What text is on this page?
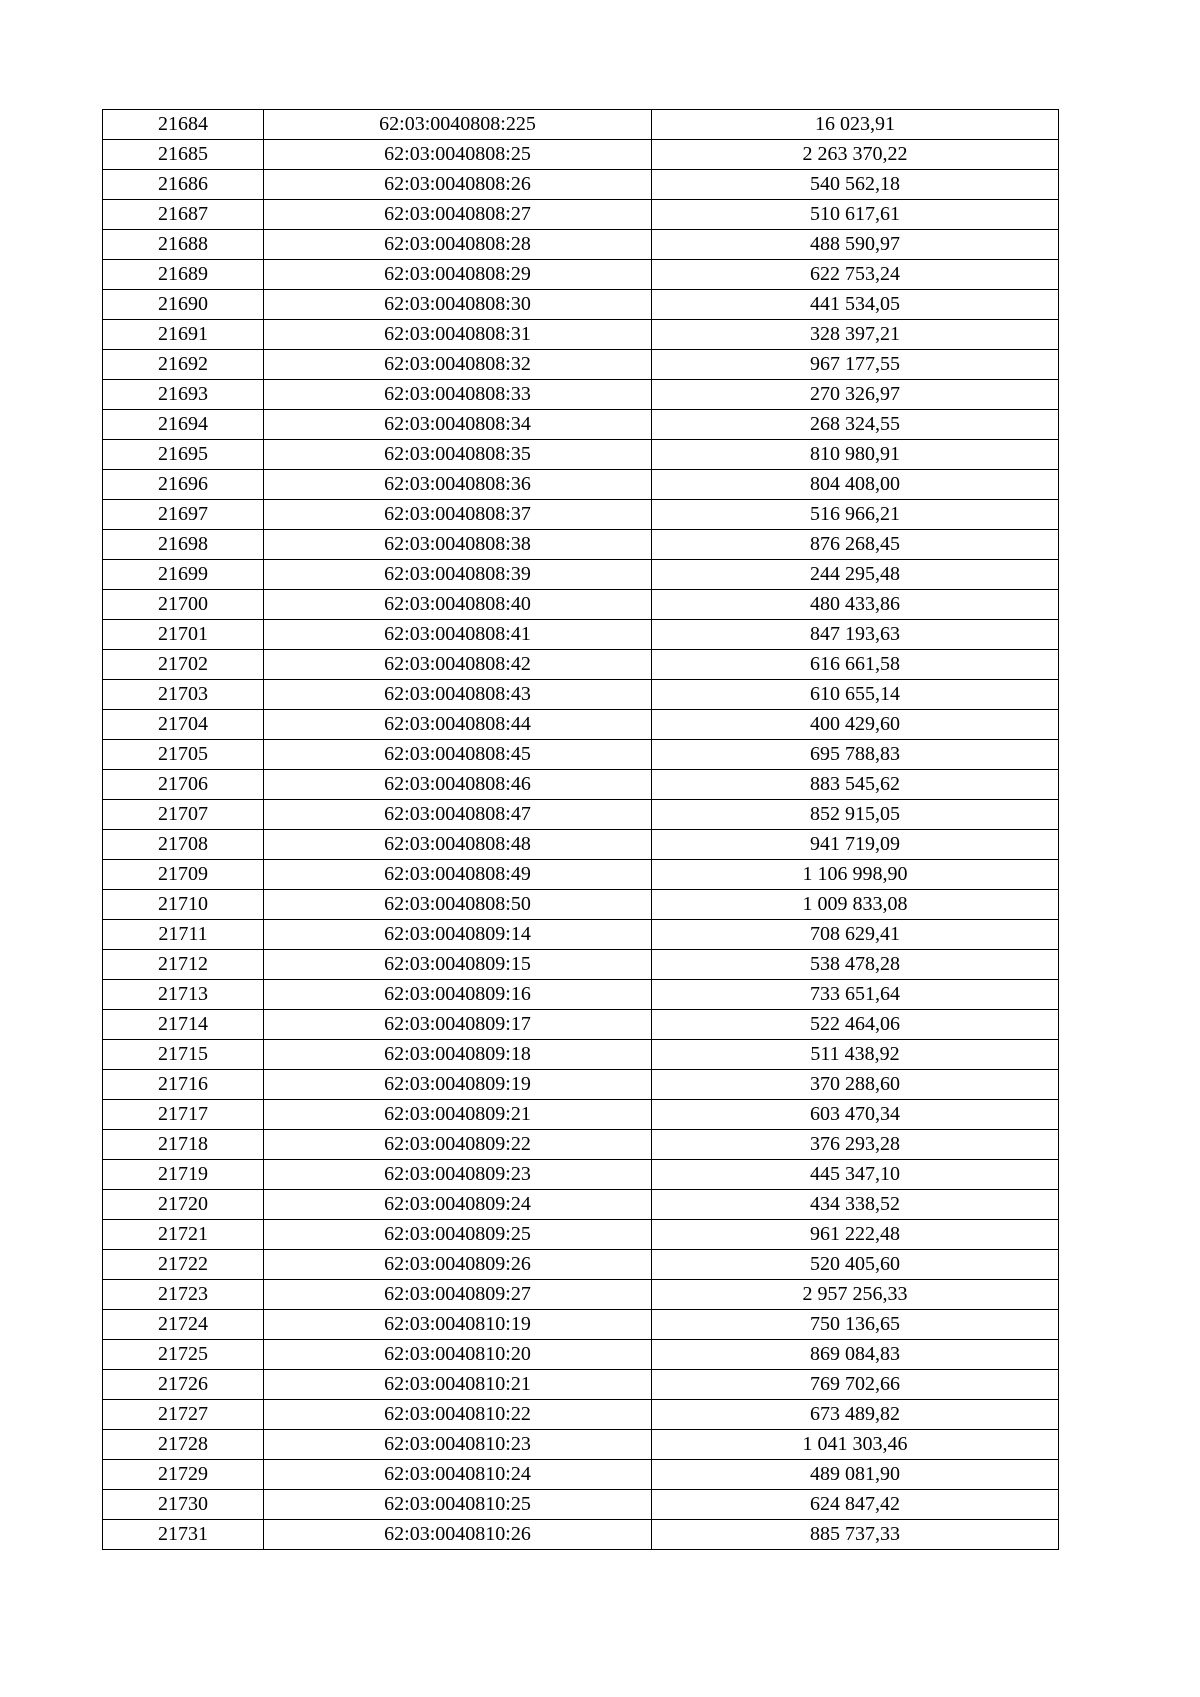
21684	62:03:0040808:225	16 023,91
21685	62:03:0040808:25	2 263 370,22
21686	62:03:0040808:26	540 562,18
21687	62:03:0040808:27	510 617,61
21688	62:03:0040808:28	488 590,97
21689	62:03:0040808:29	622 753,24
21690	62:03:0040808:30	441 534,05
21691	62:03:0040808:31	328 397,21
21692	62:03:0040808:32	967 177,55
21693	62:03:0040808:33	270 326,97
21694	62:03:0040808:34	268 324,55
21695	62:03:0040808:35	810 980,91
21696	62:03:0040808:36	804 408,00
21697	62:03:0040808:37	516 966,21
21698	62:03:0040808:38	876 268,45
21699	62:03:0040808:39	244 295,48
21700	62:03:0040808:40	480 433,86
21701	62:03:0040808:41	847 193,63
21702	62:03:0040808:42	616 661,58
21703	62:03:0040808:43	610 655,14
21704	62:03:0040808:44	400 429,60
21705	62:03:0040808:45	695 788,83
21706	62:03:0040808:46	883 545,62
21707	62:03:0040808:47	852 915,05
21708	62:03:0040808:48	941 719,09
21709	62:03:0040808:49	1 106 998,90
21710	62:03:0040808:50	1 009 833,08
21711	62:03:0040809:14	708 629,41
21712	62:03:0040809:15	538 478,28
21713	62:03:0040809:16	733 651,64
21714	62:03:0040809:17	522 464,06
21715	62:03:0040809:18	511 438,92
21716	62:03:0040809:19	370 288,60
21717	62:03:0040809:21	603 470,34
21718	62:03:0040809:22	376 293,28
21719	62:03:0040809:23	445 347,10
21720	62:03:0040809:24	434 338,52
21721	62:03:0040809:25	961 222,48
21722	62:03:0040809:26	520 405,60
21723	62:03:0040809:27	2 957 256,33
21724	62:03:0040810:19	750 136,65
21725	62:03:0040810:20	869 084,83
21726	62:03:0040810:21	769 702,66
21727	62:03:0040810:22	673 489,82
21728	62:03:0040810:23	1 041 303,46
21729	62:03:0040810:24	489 081,90
21730	62:03:0040810:25	624 847,42
21731	62:03:0040810:26	885 737,33
